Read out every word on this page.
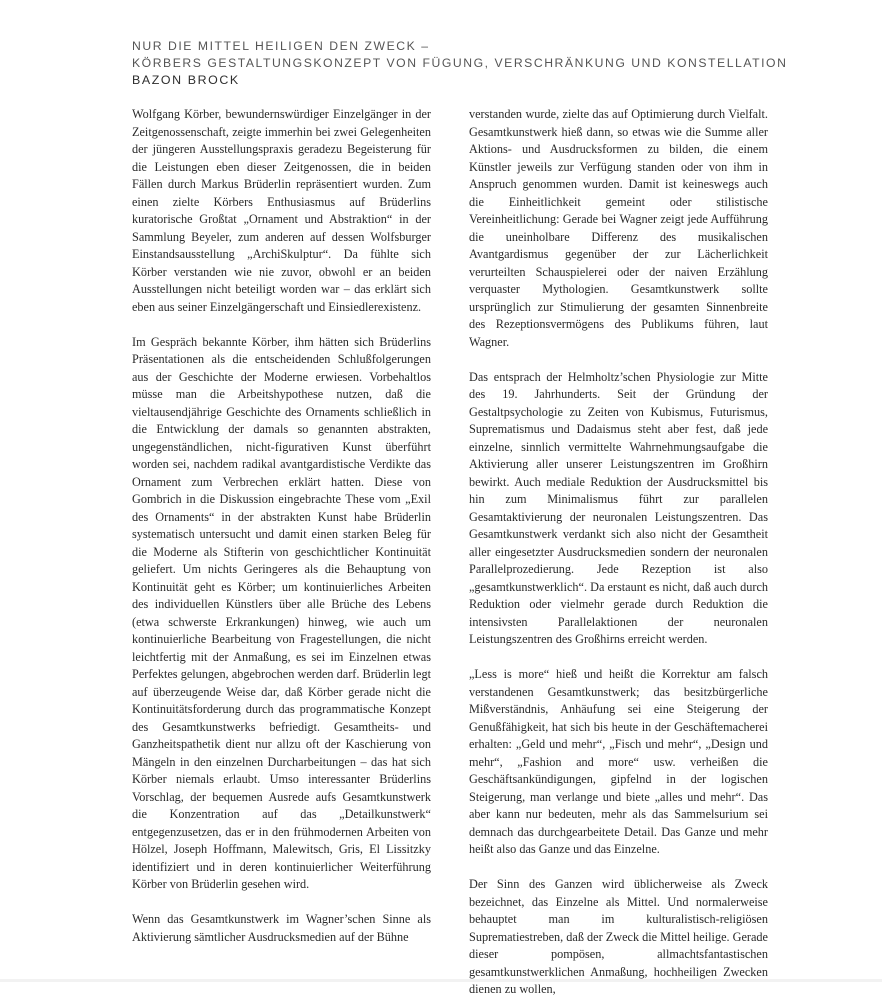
NUR DIE MITTEL HEILIGEN DEN ZWECK –
KÖRBERS GESTALTUNGSKONZEPT VON FÜGUNG, VERSCHRÄNKUNG UND KONSTELLATION
BAZON BROCK

Wolfgang Körber, bewundernswürdiger Einzelgänger in der Zeitgenossenschaft, zeigte immerhin bei zwei Gelegenheiten der jüngeren Ausstellungspraxis geradezu Begeisterung für die Leistungen eben dieser Zeitgenossen, die in beiden Fällen durch Markus Brüderlin repräsentiert wurden. Zum einen zielte Körbers Enthusiasmus auf Brüderlins kuratorische Großtat „Ornament und Abstraktion“ in der Sammlung Beyeler, zum anderen auf dessen Wolfsburger Einstandsausstellung „ArchiSkulptur“. Da fühlte sich Körber verstanden wie nie zuvor, obwohl er an beiden Ausstellungen nicht beteiligt worden war – das erklärt sich eben aus seiner Einzelgängerschaft und Einsiedlerexistenz.

Im Gespräch bekannte Körber, ihm hätten sich Brüderlins Präsentationen als die entscheidenden Schlußfolgerungen aus der Geschichte der Moderne erwiesen. Vorbehaltlos müsse man die Arbeitshypothese nutzen, daß die vieltausendjährige Geschichte des Ornaments schließlich in die Entwicklung der damals so genannten abstrakten, ungegenständlichen, nicht-figurativen Kunst überführt worden sei, nachdem radikal avantgardistische Verdikte das Ornament zum Verbrechen erklärt hatten. Diese von Gombrich in die Diskussion eingebrachte These vom „Exil des Ornaments“ in der abstrakten Kunst habe Brüderlin systematisch untersucht und damit einen starken Beleg für die Moderne als Stifterin von geschichtlicher Kontinuität geliefert. Um nichts Geringeres als die Behauptung von Kontinuität geht es Körber; um kontinuierliches Arbeiten des individuellen Künstlers über alle Brüche des Lebens (etwa schwerste Erkrankungen) hinweg, wie auch um kontinuierliche Bearbeitung von Fragestellungen, die nicht leichtfertig mit der Anmaßung, es sei im Einzelnen etwas Perfektes gelungen, abgebrochen werden darf. Brüderlin legt auf überzeugende Weise dar, daß Körber gerade nicht die Kontinuitätsforderung durch das programmatische Konzept des Gesamtkunstwerks befriedigt. Gesamtheits- und Ganzheitspathetik dient nur allzu oft der Kaschierung von Mängeln in den einzelnen Durcharbeitungen – das hat sich Körber niemals erlaubt. Umso interessanter Brüderlins Vorschlag, der bequemen Ausrede aufs Gesamtkunstwerk die Konzentration auf das „Detailkunstwerk“ entgegenzusetzen, das er in den frühmodernen Arbeiten von Hölzel, Joseph Hoffmann, Malewitsch, Gris, El Lissitzky identifiziert und in deren kontinuierlicher Weiterführung Körber von Brüderlin gesehen wird.

Wenn das Gesamtkunstwerk im Wagner’schen Sinne als Aktivierung sämtlicher Ausdrucksmedien auf der Bühne

verstanden wurde, zielte das auf Optimierung durch Vielfalt. Gesamtkunstwerk hieß dann, so etwas wie die Summe aller Aktions- und Ausdrucksformen zu bilden, die einem Künstler jeweils zur Verfügung standen oder von ihm in Anspruch genommen wurden. Damit ist keineswegs auch die Einheitlichkeit gemeint oder stilistische Vereinheitlichung: Gerade bei Wagner zeigt jede Aufführung die uneinholbare Differenz des musikalischen Avantgardismus gegenüber der zur Lächerlichkeit verurteilten Schauspielerei oder der naiven Erzählung verquaster Mythologien. Gesamtkunstwerk sollte ursprünglich zur Stimulierung der gesamten Sinnenbreite des Rezeptionsvermögens des Publikums führen, laut Wagner.

Das entsprach der Helmholtz’schen Physiologie zur Mitte des 19. Jahrhunderts. Seit der Gründung der Gestaltpsychologie zu Zeiten von Kubismus, Futurismus, Suprematismus und Dadaismus steht aber fest, daß jede einzelne, sinnlich vermittelte Wahrnehmungsaufgabe die Aktivierung aller unserer Leistungszentren im Großhirn bewirkt. Auch mediale Reduktion der Ausdrucksmittel bis hin zum Minimalismus führt zur parallelen Gesamtaktivierung der neuronalen Leistungszentren. Das Gesamtkunstwerk verdankt sich also nicht der Gesamtheit aller eingesetzter Ausdrucksmedien sondern der neuronalen Parallelprozedierung. Jede Rezeption ist also „gesamtkunstwerklich“. Da erstaunt es nicht, daß auch durch Reduktion oder vielmehr gerade durch Reduktion die intensivsten Parallelaktionen der neuronalen Leistungszentren des Großhirns erreicht werden.

„Less is more“ hieß und heißt die Korrektur am falsch verstandenen Gesamtkunstwerk; das besitzbürgerliche Mißverständnis, Anhäufung sei eine Steigerung der Genußfähigkeit, hat sich bis heute in der Geschäftemacherei erhalten: „Geld und mehr“, „Fisch und mehr“, „Design und mehr“, „Fashion and more“ usw. verheißen die Geschäftsankündigungen, gipfelnd in der logischen Steigerung, man verlange und biete „alles und mehr“. Das aber kann nur bedeuten, mehr als das Sammelsurium sei demnach das durchgearbeitete Detail. Das Ganze und mehr heißt also das Ganze und das Einzelne.

Der Sinn des Ganzen wird üblicherweise als Zweck bezeichnet, das Einzelne als Mittel. Und normalerweise behauptet man im kulturalistisch-religiösen Suprematiestreben, daß der Zweck die Mittel heilige. Gerade dieser pompösen, allmachtsfantastischen gesamtkunstwerklichen Anmaßung, hochheiligen Zwecken dienen zu wollen,
